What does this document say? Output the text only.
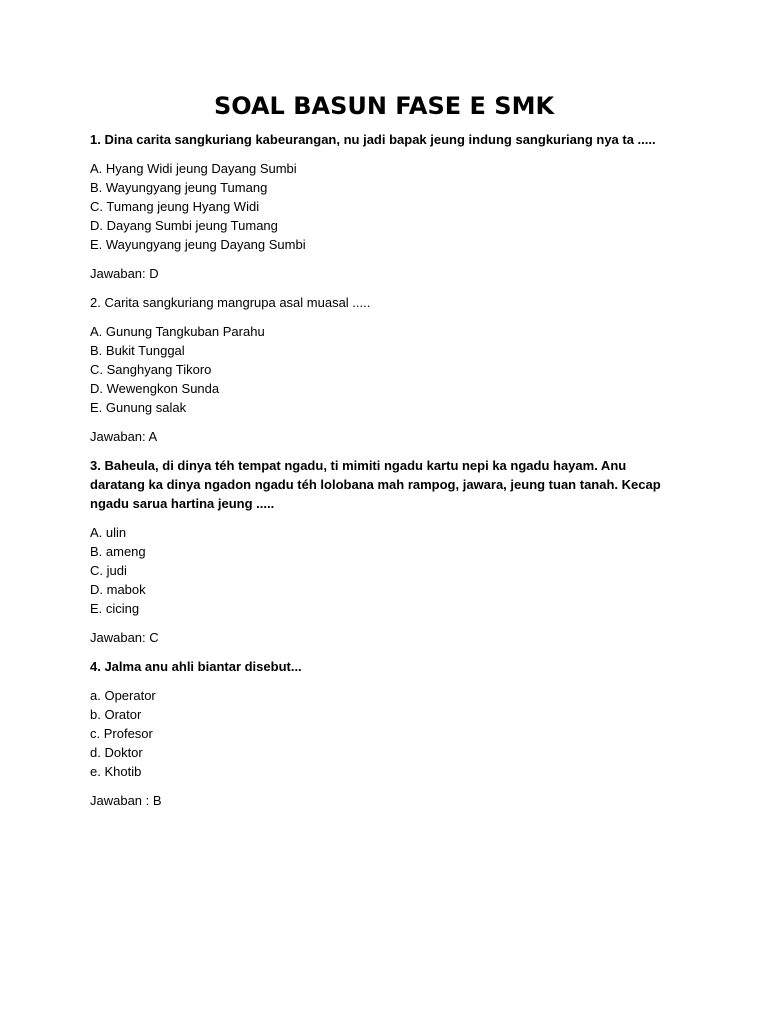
SOAL BASUN FASE E SMK

1. Dina carita sangkuriang kabeurangan, nu jadi bapak jeung indung sangkuriang nya ta .....

A. Hyang Widi jeung Dayang Sumbi
B. Wayungyang jeung Tumang
C. Tumang jeung Hyang Widi
D. Dayang Sumbi jeung Tumang
E. Wayungyang jeung Dayang Sumbi

Jawaban: D

2. Carita sangkuriang mangrupa asal muasal .....

A. Gunung Tangkuban Parahu
B. Bukit Tunggal
C. Sanghyang Tikoro
D. Wewengkon Sunda
E. Gunung salak

Jawaban: A

3. Baheula, di dinya téh tempat ngadu, ti mimiti ngadu kartu nepi ka ngadu hayam. Anu daratang ka dinya ngadon ngadu téh lolobana mah rampog, jawara, jeung tuan tanah. Kecap ngadu sarua hartina jeung .....

A. ulin
B. ameng
C. judi
D. mabok
E. cicing

Jawaban: C

4. Jalma anu ahli biantar disebut...

a. Operator
b. Orator
c. Profesor
d. Doktor
e. Khotib

Jawaban : B
